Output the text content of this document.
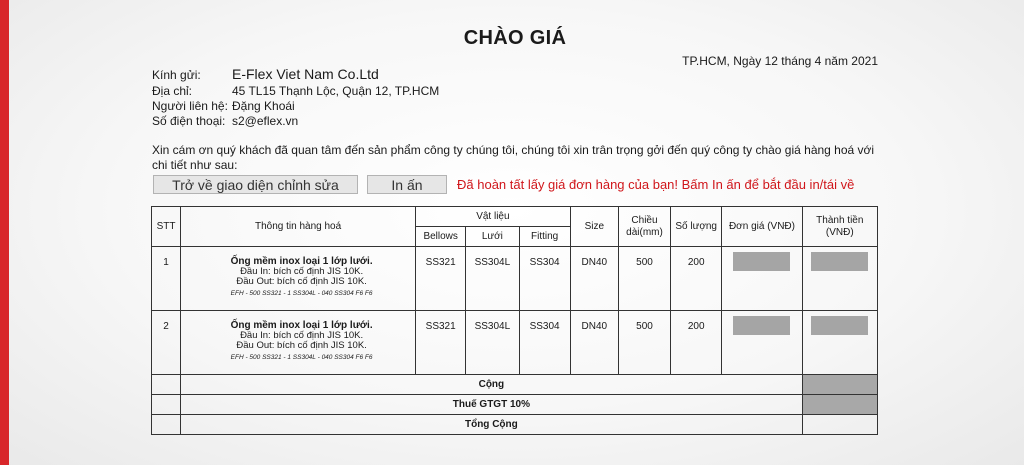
CHÀO GIÁ
TP.HCM, Ngày 12 tháng 4 năm 2021
Kính gửi: E-Flex Viet Nam Co.Ltd
Địa chỉ:	45 TL15 Thạnh Lộc, Quận 12, TP.HCM
Người liên hệ: Đặng Khoái
Số điện thoại: s2@eflex.vn
Xin cám ơn quý khách đã quan tâm đến sản phẩm công ty chúng tôi, chúng tôi xin trân trọng gởi đến quý công ty chào giá hàng hoá với chi tiết như sau:
Trở về giao diện chỉnh sửa	In ấn	Đã hoàn tất lấy giá đơn hàng của bạn! Bấm In ấn để bắt đầu in/tái về
STT	Thông tin hàng hoá	Vật liệu			Size	Chiều dài(mm)	Số lượng	Đơn giá (VNĐ)	Thành tiền (VNĐ)
		Bellows	Lưới	Fitting					
1	Ống mềm inox loại 1 lớp lưới.
Đầu In: bích cố định JIS 10K.
Đầu Out: bích cố định JIS 10K.
EFH - 500 SS321 - 1 SS304L - 040 SS304 F6 F6	SS321	SS304L	SS304	DN40	500	200	

2	Ống mềm inox loại 1 lớp lưới.
Đầu In: bích cố định JIS 10K.
Đầu Out: bích cố định JIS 10K.
EFH - 500 SS321 - 1 SS304L - 040 SS304 F6 F6	SS321	SS304L	SS304	DN40	500	200	

	Cộng								
	Thuế GTGT 10%								
	Tổng Cộng								
